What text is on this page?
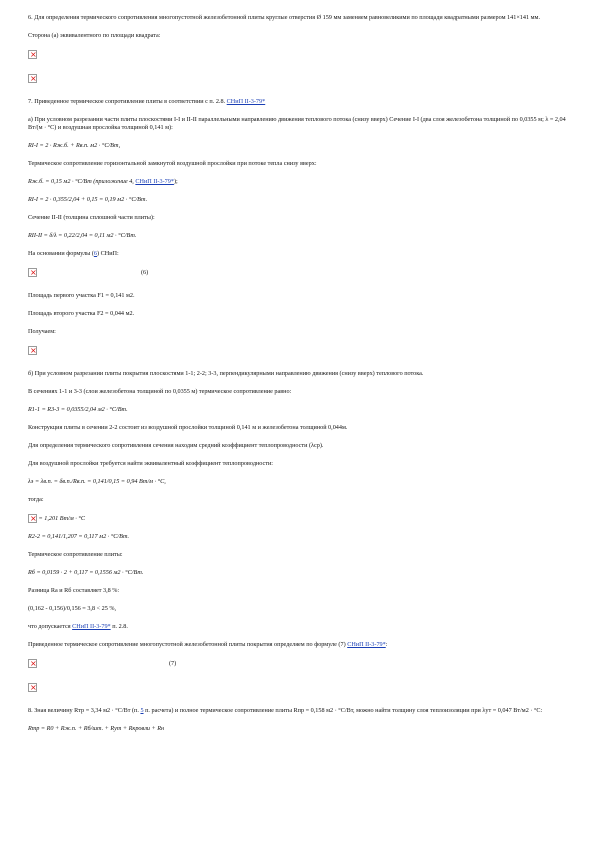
6. Для определения термического сопротивления многопустотной железобетонной плиты круглые отверстия Ø 159 мм заменяем равновеликими по площади квадратными размером 141×141 мм.

Сторона (а) эквивалентного по площади квадрата:

×
×

7. Приведенное термическое сопротивление плиты в соответствии с п. 2.8. СНиП II-3-79*

а) При условном разрезании части плиты плоскостями I-I и II-II параллельными направлению движения теплового потока (снизу вверх) Сечение I-I (два слоя железобетона толщиной по 0,0355 м; λ = 2,04 Вт/(м · °С) и воздушная прослойка толщиной 0,141 м):

RI-I = 2 · Rж.б. + Rв.п. м2 · °С/Вт,

Термическое сопротивление горизонтальной замкнутой воздушной прослойки при потоке тепла снизу вверх:

Rж.б. = 0,15 м2 · °С/Вт (приложение 4, СНиП II-3-79*);

RI-I = 2 · 0,355/2,04 + 0,15 = 0,19 м2 · °С/Вт.

Сечение II-II (толщина сплошной части плиты):

RII-II = δ/λ = 0,22/2,04 = 0,11 м2 · °С/Вт.

На основании формулы (6) СНиП:

×(6)

Площадь первого участка F1 = 0,141 м2.

Площадь второго участка F2 = 0,044 м2.

Получаем:

×

б) При условном разрезании плиты покрытия плоскостями 1-1; 2-2; 3-3, перпендикулярными направлению движения (снизу вверх) теплового потока.

В сечениях 1-1 и 3-3 (слои железобетона толщиной по 0,0355 м) термическое сопротивление равно:

R1-1 = R3-3 = 0,0355/2,04 м2 · °С/Вт.

Конструкция плиты в сечении 2-2 состоит из воздушной прослойки толщиной 0,141 м и железобетона толщиной 0,044м.

Для определения термического сопротивления сечения находим средний коэффициент теплопроводности (λср).

Для воздушной прослойки требуется найти эквивалентный коэффициент теплопроводности:

λэ = λв.п. = δв.п./Rв.п. = 0,141/0,15 = 0,94 Вт/м · °С,

тогда:

× = 1,201 Вт/м · °С

R2-2 = 0,141/1,207 = 0,117 м2 · °С/Вт.

Термическое сопротивление плиты:

Rб = 0,0159 · 2 + 0,117 = 0,1556 м2 · °С/Вт.

Разница Rа и Rб составляет 3,8 %:

(0,162 - 0,156)/0,156 = 3,8 < 25 %,

что допускается СНиП II-3-79* п. 2.8.

Приведенное термическое сопротивление многопустотной железобетонной плиты покрытия определяем по формуле (7) СНиП II-3-79*:

×(7)
×

8. Зная величину Rтр = 3,34 м2 · °С/Вт (п. 5 п. расчета) и полное термическое сопротивление плиты Rпр = 0,158 м2 · °С/Вт, можно найти толщину слоя теплоизоляции при λут = 0,047 Вт/м2 · °С:

Rтр = R0 + Rж.п. + Rб/шт. + Rут + Rкровли + Rн
